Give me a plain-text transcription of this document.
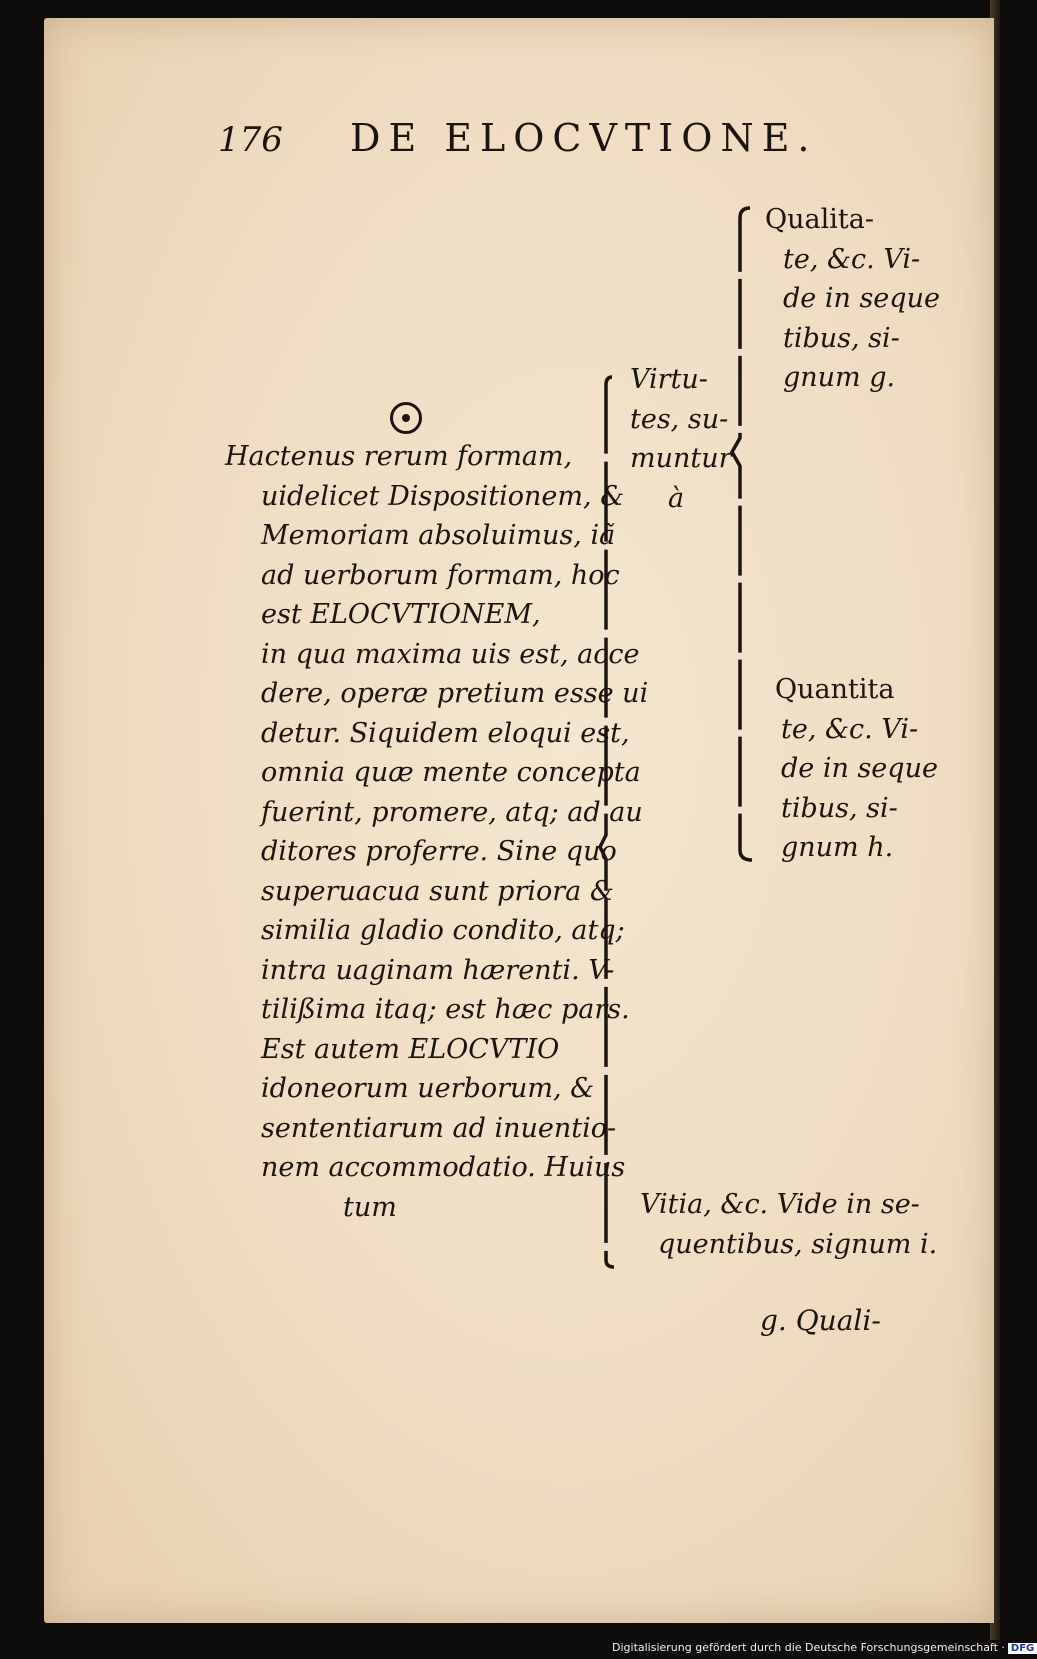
176 DE ELOCVTIONE.
Hactenus rerum formam,
uidelicet Dispositionem, &
Memoriam absoluimus, iã
ad uerborum formam, hoc
est ELOCVTIONEM,
in qua maxima uis est, acce
dere, operæ pretium esse ui
detur. Siquidem eloqui est,
omnia quæ mente concepta
fuerint, promere, atq; ad au
ditores proferre. Sine quo
superuacua sunt priora &
similia gladio condito, atq;
intra uaginam hærenti. V-
tilißima itaq; est hæc pars.
Est autem ELOCVTIO
idoneorum uerborum, &
sententiarum ad inuentio-
nem accommodatio. Huius
tum
Virtu-
tes, su-
muntur
à
Qualita-
te, &c. Vi-
de in seque
tibus, si-
gnum g.
Quantita
te, &c. Vi-
de in seque
tibus, si-
gnum h.
Vitia, &c. Vide in se-
quentibus, signum i.
g. Quali-
Digitalisierung gefördert durch die Deutsche Forschungsgemeinschaft · DFG
